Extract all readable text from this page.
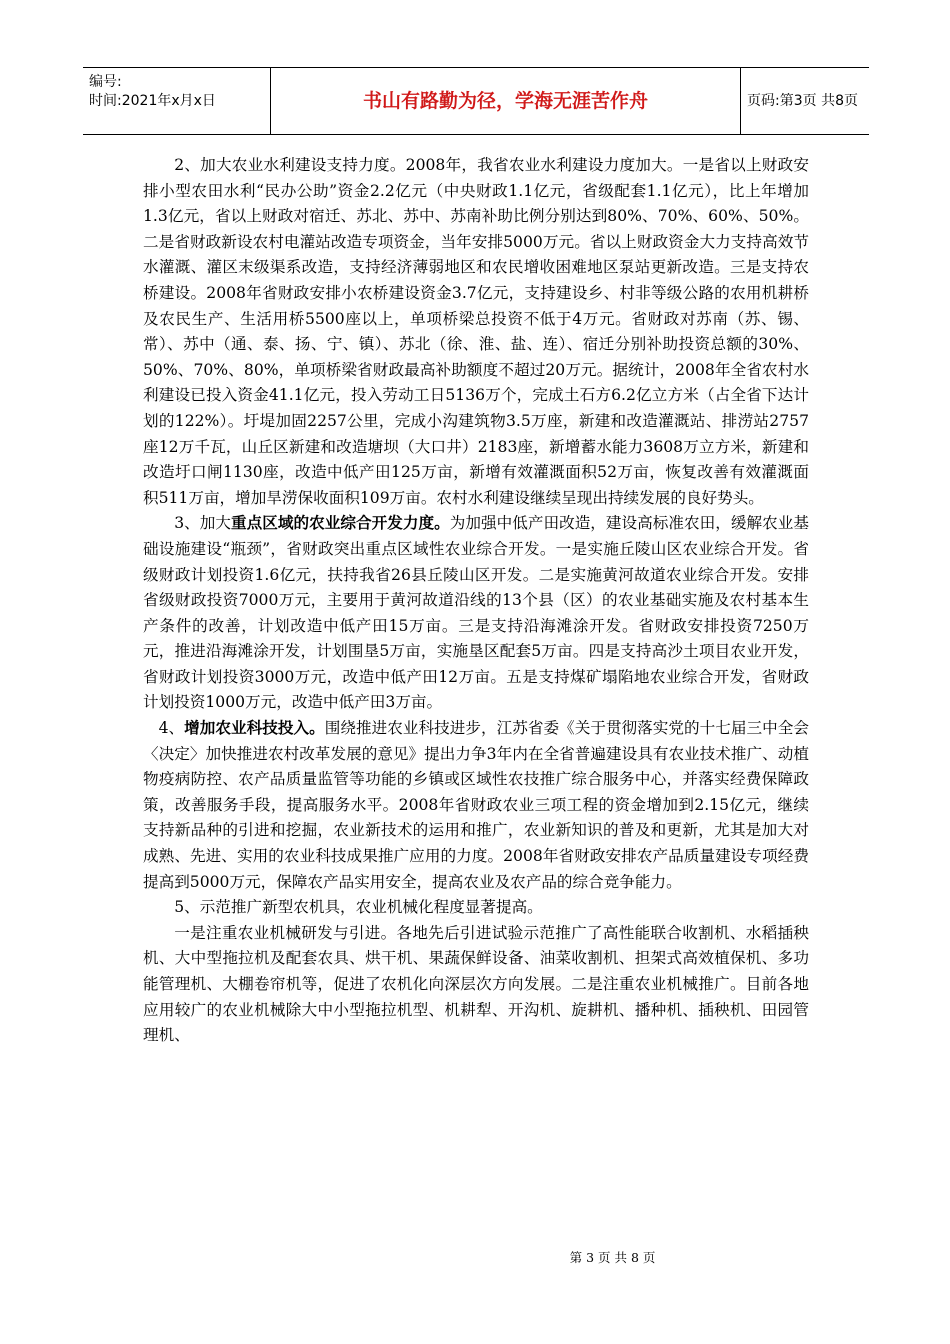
编号:
时间:2021年x月x日	书山有路勤为径，学海无涯苦作舟	页码:第3页 共8页

2、加大农业水利建设支持力度。2008年，我省农业水利建设力度加大。一是省以上财政安排小型农田水利“民办公助”资金2.2亿元（中央财政1.1亿元，省级配套1.1亿元），比上年增加1.3亿元，省以上财政对宿迁、苏北、苏中、苏南补助比例分别达到80%、70%、60%、50%。二是省财政新设农村电灌站改造专项资金，当年安排5000万元。省以上财政资金大力支持高效节水灌溉、灌区末级渠系改造，支持经济薄弱地区和农民增收困难地区泵站更新改造。三是支持农桥建设。2008年省财政安排小农桥建设资金3.7亿元，支持建设乡、村非等级公路的农用机耕桥及农民生产、生活用桥5500座以上，单项桥梁总投资不低于4万元。省财政对苏南（苏、锡、常）、苏中（通、泰、扬、宁、镇）、苏北（徐、淮、盐、连）、宿迁分别补助投资总额的30%、50%、70%、80%，单项桥梁省财政最高补助额度不超过20万元。据统计，2008年全省农村水利建设已投入资金41.1亿元，投入劳动工日5136万个，完成土石方6.2亿立方米（占全省下达计划的122%）。圩堤加固2257公里，完成小沟建筑物3.5万座，新建和改造灌溉站、排涝站2757座12万千瓦，山丘区新建和改造塘坝（大口井）2183座，新增蓄水能力3608万立方米，新建和改造圩口闸1130座，改造中低产田125万亩，新增有效灌溉面积52万亩，恢复改善有效灌溉面积511万亩，增加旱涝保收面积109万亩。农村水利建设继续呈现出持续发展的良好势头。

3、加大重点区域的农业综合开发力度。为加强中低产田改造，建设高标准农田，缓解农业基础设施建设“瓶颈”，省财政突出重点区域性农业综合开发。一是实施丘陵山区农业综合开发。省级财政计划投资1.6亿元，扶持我省26县丘陵山区开发。二是实施黄河故道农业综合开发。安排省级财政投资7000万元，主要用于黄河故道沿线的13个县（区）的农业基础实施及农村基本生产条件的改善，计划改造中低产田15万亩。三是支持沿海滩涂开发。省财政安排投资7250万元，推进沿海滩涂开发，计划围垦5万亩，实施垦区配套5万亩。四是支持高沙土项目农业开发，省财政计划投资3000万元，改造中低产田12万亩。五是支持煤矿塌陷地农业综合开发，省财政计划投资1000万元，改造中低产田3万亩。

4、增加农业科技投入。围绕推进农业科技进步，江苏省委《关于贯彻落实党的十七届三中全会〈决定〉加快推进农村改革发展的意见》提出力争3年内在全省普遍建设具有农业技术推广、动植物疫病防控、农产品质量监管等功能的乡镇或区域性农技推广综合服务中心，并落实经费保障政策，改善服务手段，提高服务水平。2008年省财政农业三项工程的资金增加到2.15亿元，继续支持新品种的引进和挖掘，农业新技术的运用和推广，农业新知识的普及和更新，尤其是加大对成熟、先进、实用的农业科技成果推广应用的力度。2008年省财政安排农产品质量建设专项经费提高到5000万元，保障农产品实用安全，提高农业及农产品的综合竞争能力。

5、示范推广新型农机具，农业机械化程度显著提高。

一是注重农业机械研发与引进。各地先后引进试验示范推广了高性能联合收割机、水稻插秧机、大中型拖拉机及配套农具、烘干机、果蔬保鲜设备、油菜收割机、担架式高效植保机、多功能管理机、大棚卷帘机等，促进了农机化向深层次方向发展。二是注重农业机械推广。目前各地应用较广的农业机械除大中小型拖拉机型、机耕犁、开沟机、旋耕机、播种机、插秧机、田园管理机、

第 3 页 共 8 页
